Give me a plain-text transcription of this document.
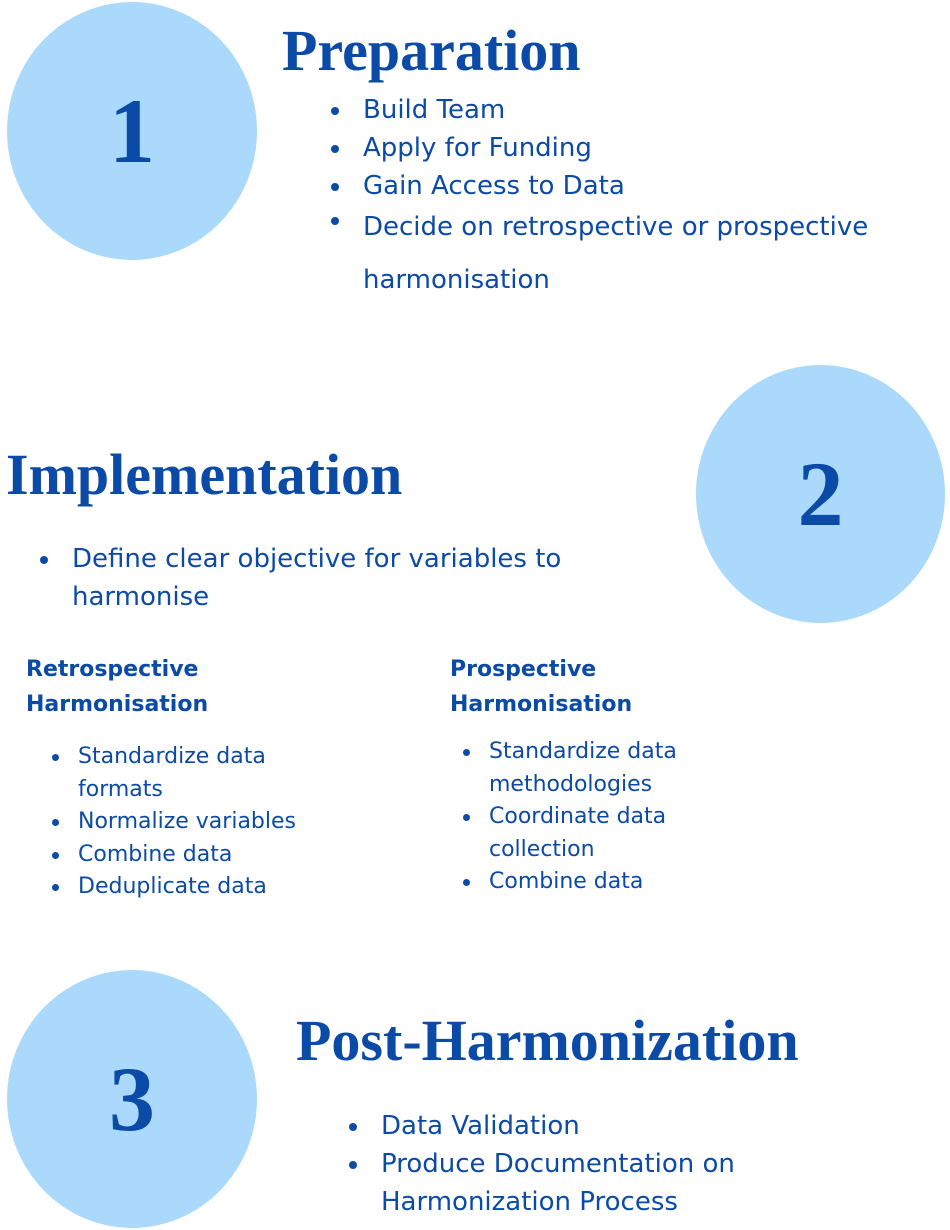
1
Preparation
Build Team
Apply for Funding
Gain Access to Data
Decide on retrospective or prospective harmonisation
2
Implementation
Define clear objective for variables to harmonise
Retrospective Harmonisation
Standardize data formats
Normalize variables
Combine data
Deduplicate data
Prospective Harmonisation
Standardize data methodologies
Coordinate data collection
Combine data
3
Post-Harmonization
Data Validation
Produce Documentation on Harmonization Process
